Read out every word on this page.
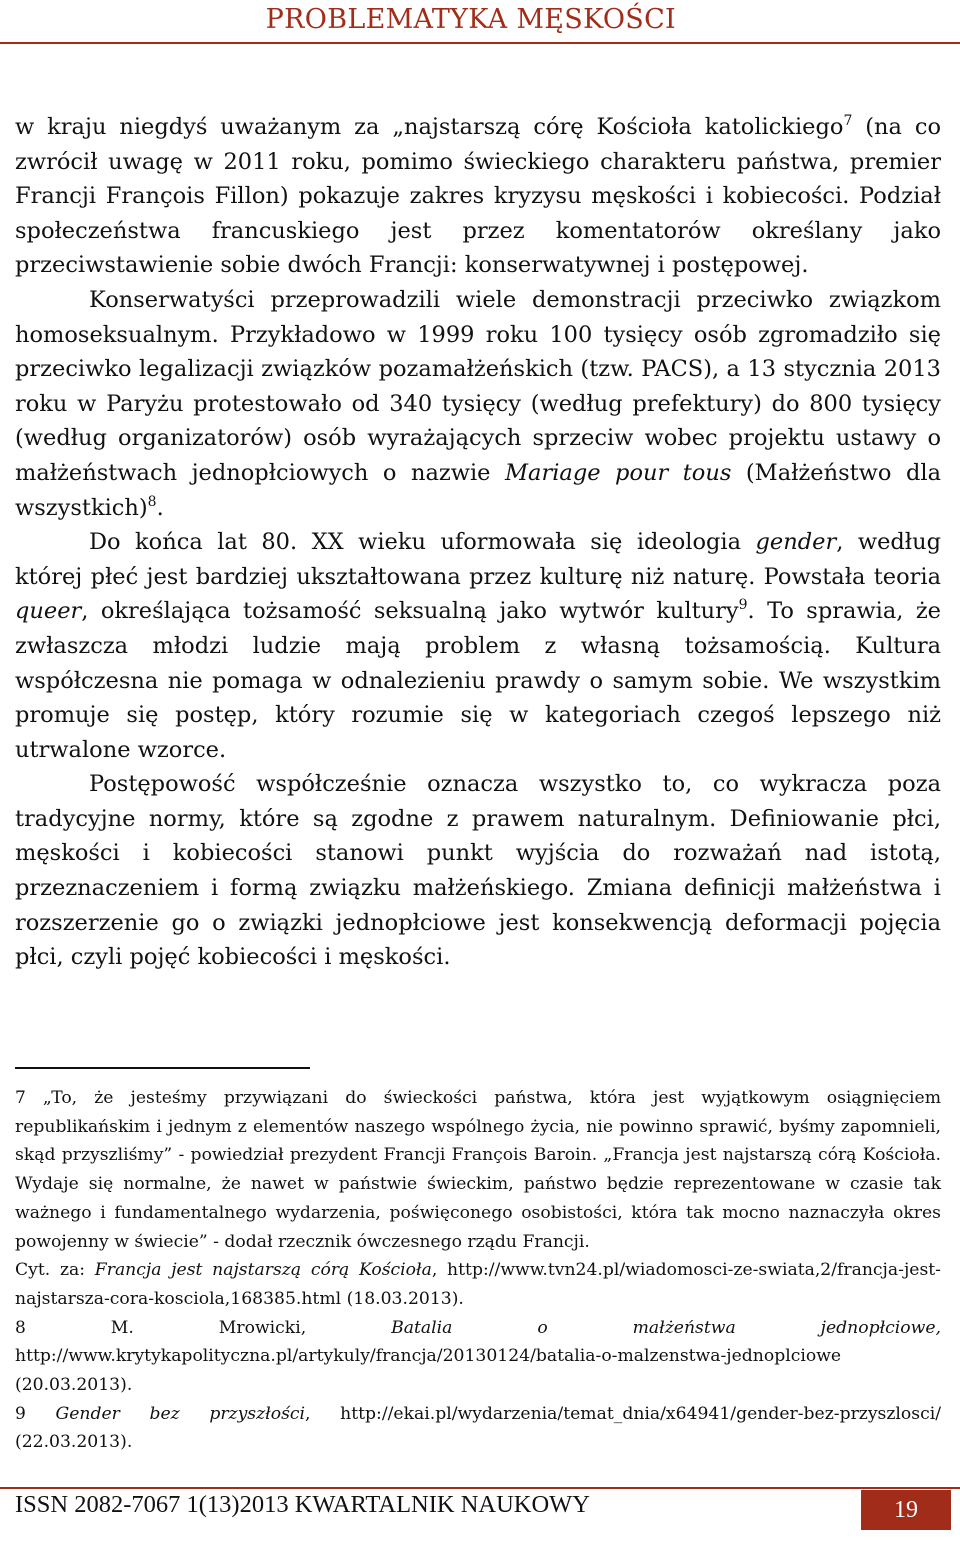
PROBLEMATYKA MĘSKOŚCI

w kraju niegdyś uważanym za „najstarszą córę Kościoła katolickiego$^7$ (na co zwrócił uwagę w 2011 roku, pomimo świeckiego charakteru państwa, premier Francji François Fillon) pokazuje zakres kryzysu męskości i kobiecości. Podział społeczeństwa francuskiego jest przez komentatorów określany jako przeciwstawienie sobie dwóch Francji: konserwatywnej i postępowej.

Konserwatyści przeprowadzili wiele demonstracji przeciwko związkom homoseksualnym. Przykładowo w 1999 roku 100 tysięcy osób zgromadziło się przeciwko legalizacji związków pozamałżeńskich (tzw. PACS), a 13 stycznia 2013 roku w Paryżu protestowało od 340 tysięcy (według prefektury) do 800 tysięcy (według organizatorów) osób wyrażających sprzeciw wobec projektu ustawy o małżeństwach jednopłciowych o nazwie Mariage pour tous (Małżeństwo dla wszystkich)$^8$.

Do końca lat 80. XX wieku uformowała się ideologia gender, według której płeć jest bardziej ukształtowana przez kulturę niż naturę. Powstała teoria queer, określająca tożsamość seksualną jako wytwór kultury$^9$. To sprawia, że zwłaszcza młodzi ludzie mają problem z własną tożsamością. Kultura współczesna nie pomaga w odnalezieniu prawdy o samym sobie. We wszystkim promuje się postęp, który rozumie się w kategoriach czegoś lepszego niż utrwalone wzorce.

Postępowość współcześnie oznacza wszystko to, co wykracza poza tradycyjne normy, które są zgodne z prawem naturalnym. Definiowanie płci, męskości i kobiecości stanowi punkt wyjścia do rozważań nad istotą, przeznaczeniem i formą związku małżeńskiego. Zmiana definicji małżeństwa i rozszerzenie go o związki jednopłciowe jest konsekwencją deformacji pojęcia płci, czyli pojęć kobiecości i męskości.

7 „To, że jesteśmy przywiązani do świeckości państwa, która jest wyjątkowym osiągnięciem republikańskim i jednym z elementów naszego wspólnego życia, nie powinno sprawić, byśmy zapomnieli, skąd przyszliśmy” - powiedział prezydent Francji François Baroin. „Francja jest najstarszą córą Kościoła. Wydaje się normalne, że nawet w państwie świeckim, państwo będzie reprezentowane w czasie tak ważnego i fundamentalnego wydarzenia, poświęconego osobistości, która tak mocno naznaczyła okres powojenny w świecie” - dodał rzecznik ówczesnego rządu Francji.

Cyt. za: Francja jest najstarszą córą Kościoła, http://www.tvn24.pl/wiadomosci-ze-swiata,2/francja-jest-najstarsza-cora-kosciola,168385.html (18.03.2013).

8 M. Mrowicki, Batalia o małżeństwa jednopłciowe, http://www.krytykapolityczna.pl/artykuly/francja/20130124/batalia-o-malzenstwa-jednoplciowe (20.03.2013).

9 Gender bez przyszłości, http://ekai.pl/wydarzenia/temat_dnia/x64941/gender-bez-przyszlosci/ (22.03.2013).

ISSN 2082-7067 1(13)2013 KWARTALNIK NAUKOWY	19
